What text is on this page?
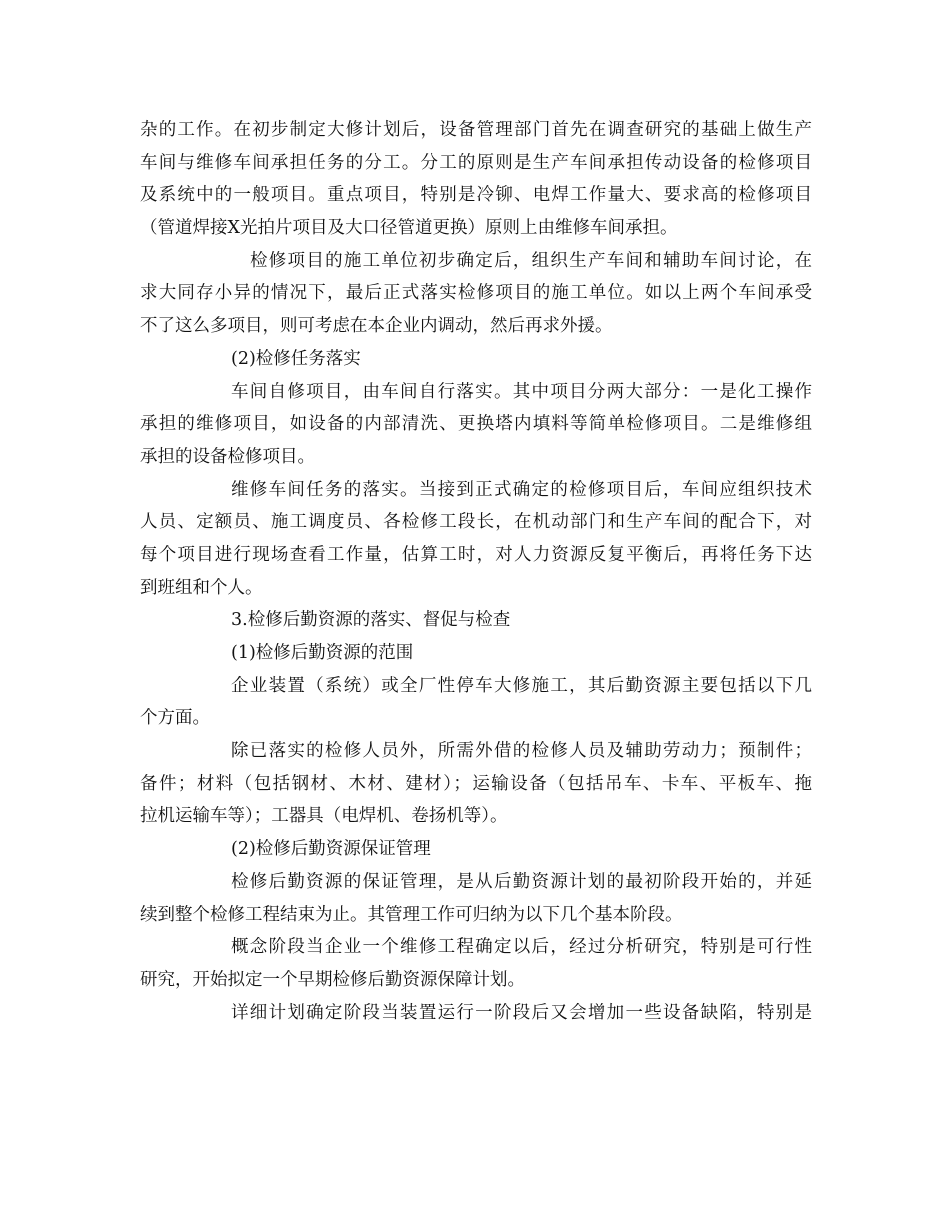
杂的工作。在初步制定大修计划后，设备管理部门首先在调查研究的基础上做生产
车间与维修车间承担任务的分工。分工的原则是生产车间承担传动设备的检修项目
及系统中的一般项目。重点项目，特别是冷铆、电焊工作量大、要求高的检修项目
（管道焊接X光拍片项目及大口径管道更换）原则上由维修车间承担。
检修项目的施工单位初步确定后，组织生产车间和辅助车间讨论，在
求大同存小异的情况下，最后正式落实检修项目的施工单位。如以上两个车间承受
不了这么多项目，则可考虑在本企业内调动，然后再求外援。
(2)检修任务落实
车间自修项目，由车间自行落实。其中项目分两大部分：一是化工操作
承担的维修项目，如设备的内部清洗、更换塔内填料等简单检修项目。二是维修组
承担的设备检修项目。
维修车间任务的落实。当接到正式确定的检修项目后，车间应组织技术
人员、定额员、施工调度员、各检修工段长，在机动部门和生产车间的配合下，对
每个项目进行现场查看工作量，估算工时，对人力资源反复平衡后，再将任务下达
到班组和个人。
3.检修后勤资源的落实、督促与检查
(1)检修后勤资源的范围
企业装置（系统）或全厂性停车大修施工，其后勤资源主要包括以下几
个方面。
除已落实的检修人员外，所需外借的检修人员及辅助劳动力；预制件；
备件；材料（包括钢材、木材、建材）；运输设备（包括吊车、卡车、平板车、拖
拉机运输车等）；工器具（电焊机、卷扬机等）。
(2)检修后勤资源保证管理
检修后勤资源的保证管理，是从后勤资源计划的最初阶段开始的，并延
续到整个检修工程结束为止。其管理工作可归纳为以下几个基本阶段。
概念阶段当企业一个维修工程确定以后，经过分析研究，特别是可行性
研究，开始拟定一个早期检修后勤资源保障计划。
详细计划确定阶段当装置运行一阶段后又会增加一些设备缺陷，特别是
